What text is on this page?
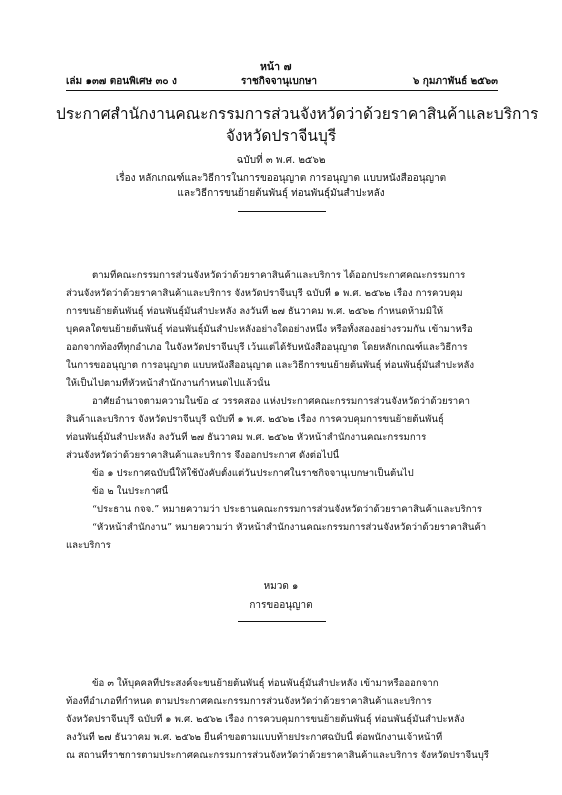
หน้า ๗
เล่ม ๑๓๗ ตอนพิเศษ ๓๐ ง	ราชกิจจานุเบกษา	๖ กุมภาพันธ์ ๒๕๖๓
ประกาศสำนักงานคณะกรรมการส่วนจังหวัดว่าด้วยราคาสินค้าและบริการ
จังหวัดปราจีนบุรี
ฉบับที่ ๓ พ.ศ. ๒๕๖๒
เรื่อง หลักเกณฑ์และวิธีการในการขออนุญาต การอนุญาต แบบหนังสืออนุญาต
และวิธีการขนย้ายต้นพันธุ์ ท่อนพันธุ์มันสำปะหลัง
ตามที่คณะกรรมการส่วนจังหวัดว่าด้วยราคาสินค้าและบริการ ได้ออกประกาศคณะกรรมการ
ส่วนจังหวัดว่าด้วยราคาสินค้าและบริการ จังหวัดปราจีนบุรี ฉบับที่ ๑ พ.ศ. ๒๕๖๒ เรื่อง การควบคุม
การขนย้ายต้นพันธุ์ ท่อนพันธุ์มันสำปะหลัง ลงวันที่ ๒๗ ธันวาคม พ.ศ. ๒๕๖๒ กำหนดห้ามมิให้
บุคคลใดขนย้ายต้นพันธุ์ ท่อนพันธุ์มันสำปะหลังอย่างใดอย่างหนึ่ง หรือทั้งสองอย่างรวมกัน เข้ามาหรือ
ออกจากท้องที่ทุกอำเภอ ในจังหวัดปราจีนบุรี เว้นแต่ได้รับหนังสืออนุญาต โดยหลักเกณฑ์และวิธีการ
ในการขออนุญาต การอนุญาต แบบหนังสืออนุญาต และวิธีการขนย้ายต้นพันธุ์ ท่อนพันธุ์มันสำปะหลัง
ให้เป็นไปตามที่หัวหน้าสำนักงานกำหนดไปแล้วนั้น
อาศัยอำนาจตามความในข้อ ๔ วรรคสอง แห่งประกาศคณะกรรมการส่วนจังหวัดว่าด้วยราคา
สินค้าและบริการ จังหวัดปราจีนบุรี ฉบับที่ ๑ พ.ศ. ๒๕๖๒ เรื่อง การควบคุมการขนย้ายต้นพันธุ์
ท่อนพันธุ์มันสำปะหลัง ลงวันที่ ๒๗ ธันวาคม พ.ศ. ๒๕๖๒ หัวหน้าสำนักงานคณะกรรมการ
ส่วนจังหวัดว่าด้วยราคาสินค้าและบริการ จึงออกประกาศ ดังต่อไปนี้
ข้อ ๑ ประกาศฉบับนี้ให้ใช้บังคับตั้งแต่วันประกาศในราชกิจจานุเบกษาเป็นต้นไป
ข้อ ๒ ในประกาศนี้
“ประธาน กจจ.” หมายความว่า ประธานคณะกรรมการส่วนจังหวัดว่าด้วยราคาสินค้าและบริการ
“หัวหน้าสำนักงาน” หมายความว่า หัวหน้าสำนักงานคณะกรรมการส่วนจังหวัดว่าด้วยราคาสินค้า
และบริการ
หมวด ๑
การขออนุญาต
ข้อ ๓ ให้บุคคลที่ประสงค์จะขนย้ายต้นพันธุ์ ท่อนพันธุ์มันสำปะหลัง เข้ามาหรือออกจาก
ท้องที่อำเภอที่กำหนด ตามประกาศคณะกรรมการส่วนจังหวัดว่าด้วยราคาสินค้าและบริการ
จังหวัดปราจีนบุรี ฉบับที่ ๑ พ.ศ. ๒๕๖๒ เรื่อง การควบคุมการขนย้ายต้นพันธุ์ ท่อนพันธุ์มันสำปะหลัง
ลงวันที่ ๒๗ ธันวาคม พ.ศ. ๒๕๖๒ ยื่นคำขอตามแบบท้ายประกาศฉบับนี้ ต่อพนักงานเจ้าหน้าที่
ณ สถานที่ราชการตามประกาศคณะกรรมการส่วนจังหวัดว่าด้วยราคาสินค้าและบริการ จังหวัดปราจีนบุรี
